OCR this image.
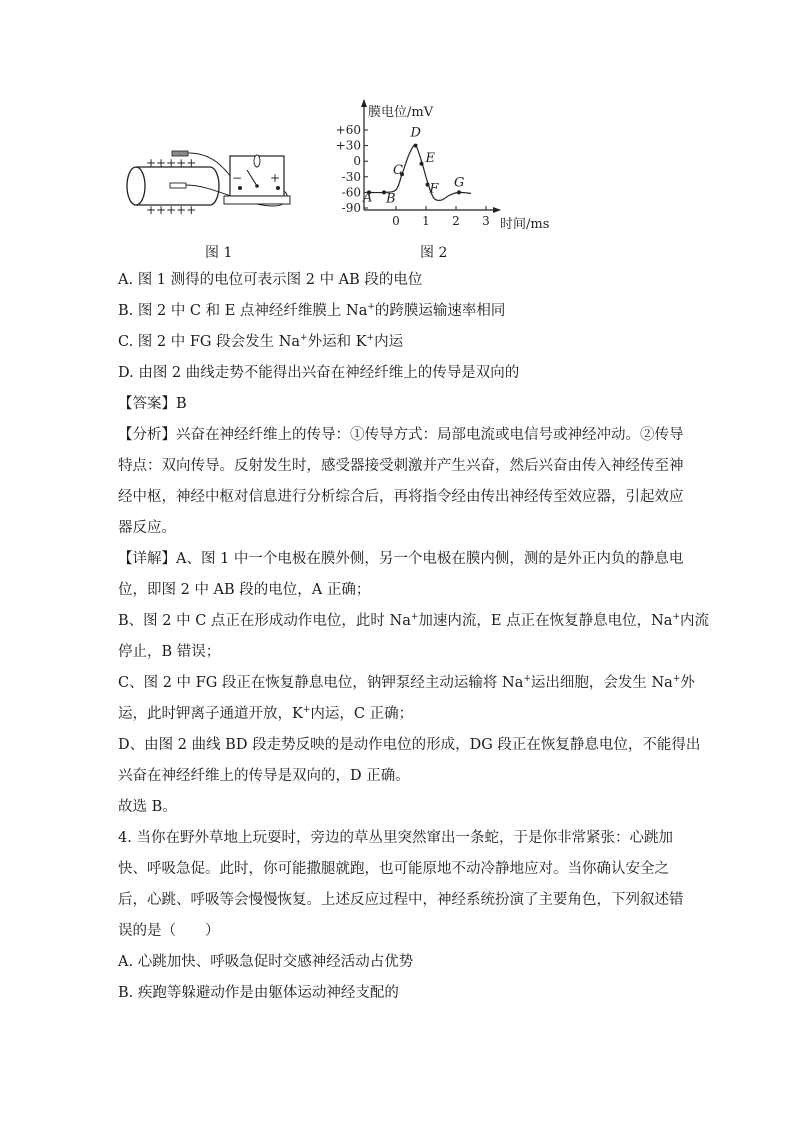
+++++
+++++
− +
图 1
膜电位/mV
时间/ms
+60
+30
0
-30
-60
-90
0 1 2 3
A B
C
D
E
F G
图 2
A. 图 1 测得的电位可表示图 2 中 AB 段的电位
B. 图 2 中 C 和 E 点神经纤维膜上 Na+的跨膜运输速率相同
C. 图 2 中 FG 段会发生 Na+外运和 K+内运
D. 由图 2 曲线走势不能得出兴奋在神经纤维上的传导是双向的
【答案】B
【分析】兴奋在神经纤维上的传导：①传导方式：局部电流或电信号或神经冲动。②传导
特点：双向传导。反射发生时，感受器接受刺激并产生兴奋，然后兴奋由传入神经传至神
经中枢，神经中枢对信息进行分析综合后，再将指令经由传出神经传至效应器，引起效应
器反应。
【详解】A、图 1 中一个电极在膜外侧，另一个电极在膜内侧，测的是外正内负的静息电
位，即图 2 中 AB 段的电位，A 正确；
B、图 2 中 C 点正在形成动作电位，此时 Na+加速内流，E 点正在恢复静息电位，Na+内流
停止，B 错误；
C、图 2 中 FG 段正在恢复静息电位，钠钾泵经主动运输将 Na+运出细胞，会发生 Na+外
运，此时钾离子通道开放，K+内运，C 正确；
D、由图 2 曲线 BD 段走势反映的是动作电位的形成，DG 段正在恢复静息电位，不能得出
兴奋在神经纤维上的传导是双向的，D 正确。
故选 B。
4. 当你在野外草地上玩耍时，旁边的草丛里突然窜出一条蛇，于是你非常紧张：心跳加
快、呼吸急促。此时，你可能撒腿就跑，也可能原地不动冷静地应对。当你确认安全之
后，心跳、呼吸等会慢慢恢复。上述反应过程中，神经系统扮演了主要角色，下列叙述错
误的是（　　）
A. 心跳加快、呼吸急促时交感神经活动占优势
B. 疾跑等躲避动作是由躯体运动神经支配的
